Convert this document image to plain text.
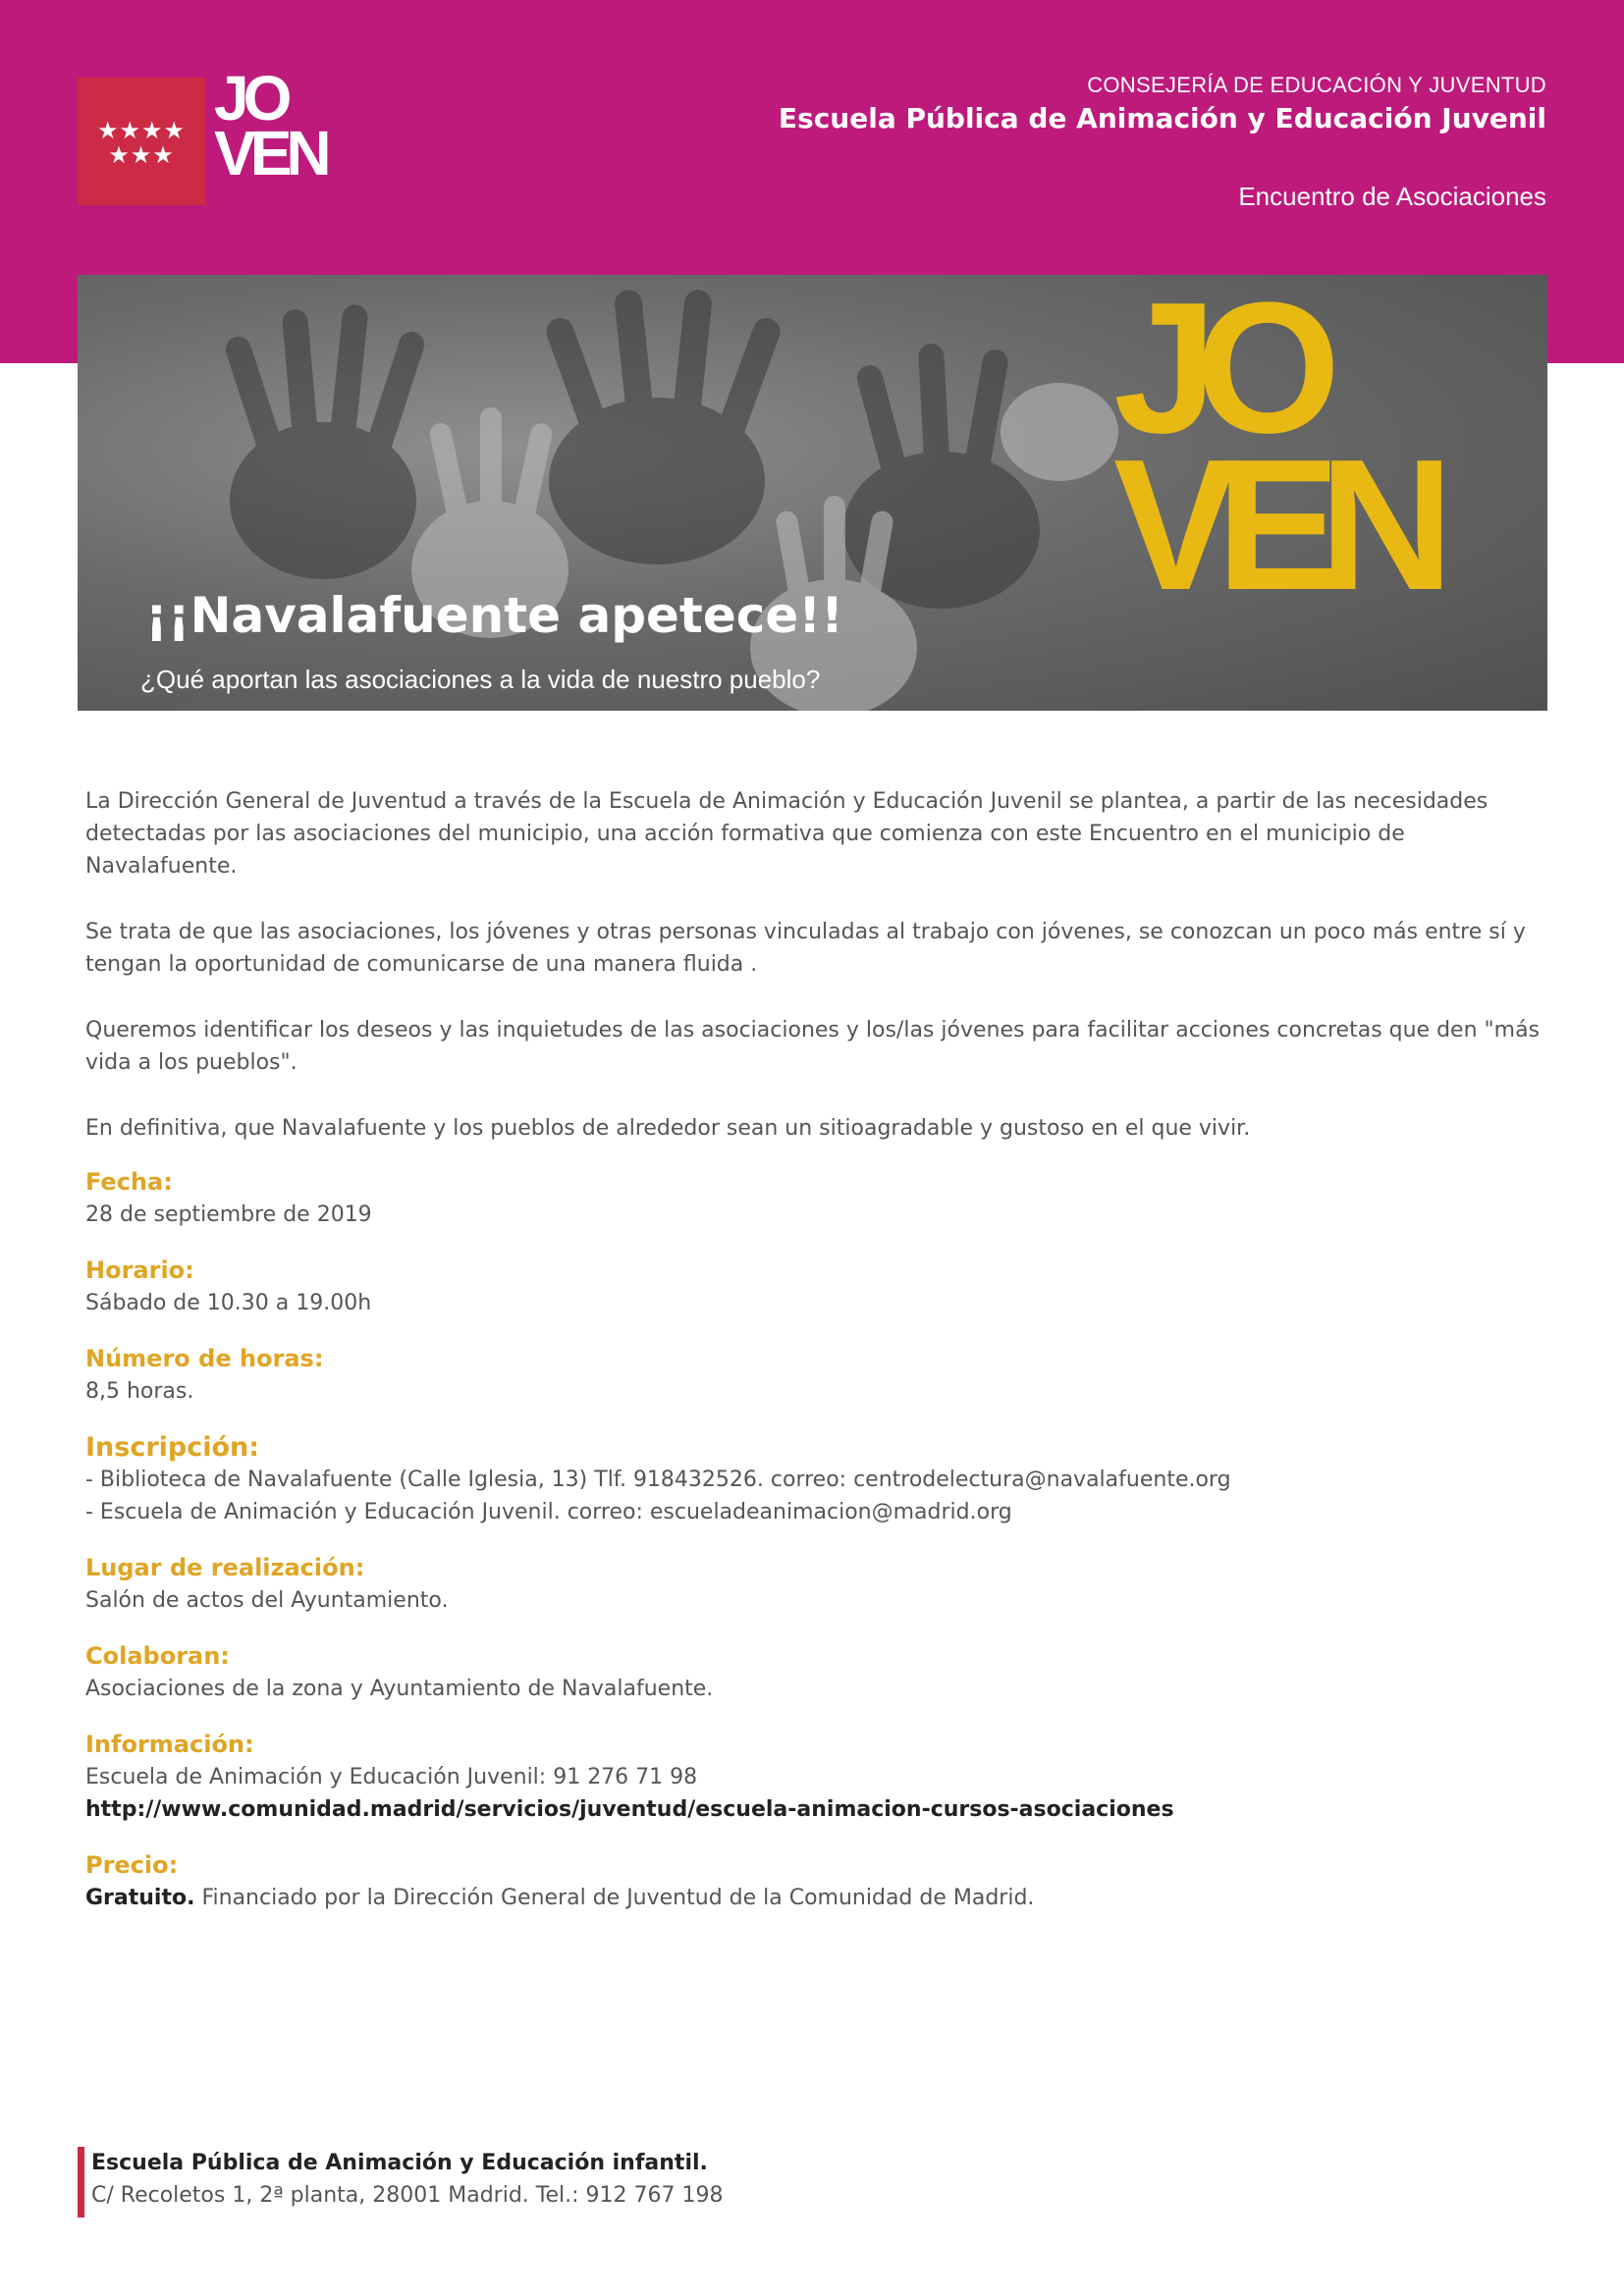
★★★★
★★★
JO
VEN
CONSEJERÍA DE EDUCACIÓN Y JUVENTUD
Escuela Pública de Animación y Educación Juvenil
Encuentro de Asociaciones
JO
VEN
¡¡Navalafuente apetece!!
¿Qué aportan las asociaciones a la vida de nuestro pueblo?

La Dirección General de Juventud a través de la Escuela de Animación y Educación Juvenil se plantea, a partir de las necesidades detectadas por las asociaciones del municipio, una acción formativa que comienza con este Encuentro en el municipio de Navalafuente.

Se trata de que las asociaciones, los jóvenes y otras personas vinculadas al trabajo con jóvenes, se conozcan un poco más entre sí y tengan la oportunidad de comunicarse de una manera fluida .

Queremos identificar los deseos y las inquietudes de las asociaciones y los/las jóvenes para facilitar acciones concretas que den "más vida a los pueblos".

En definitiva, que Navalafuente y los pueblos de alrededor sean un sitioagradable y gustoso en el que vivir.

Fecha:
28 de septiembre de 2019
Horario:
Sábado de 10.30 a 19.00h
Número de horas:
8,5 horas.
Inscripción:
- Biblioteca de Navalafuente (Calle Iglesia, 13) Tlf. 918432526. correo: centrodelectura@navalafuente.org
- Escuela de Animación y Educación Juvenil. correo: escueladeanimacion@madrid.org
Lugar de realización:
Salón de actos del Ayuntamiento.
Colaboran:
Asociaciones de la zona y Ayuntamiento de Navalafuente.
Información:
Escuela de Animación y Educación Juvenil: 91 276 71 98
http://www.comunidad.madrid/servicios/juventud/escuela-animacion-cursos-asociaciones
Precio:
Gratuito. Financiado por la Dirección General de Juventud de la Comunidad de Madrid.
Escuela Pública de Animación y Educación infantil.
C/ Recoletos 1, 2ª planta, 28001 Madrid. Tel.: 912 767 198
